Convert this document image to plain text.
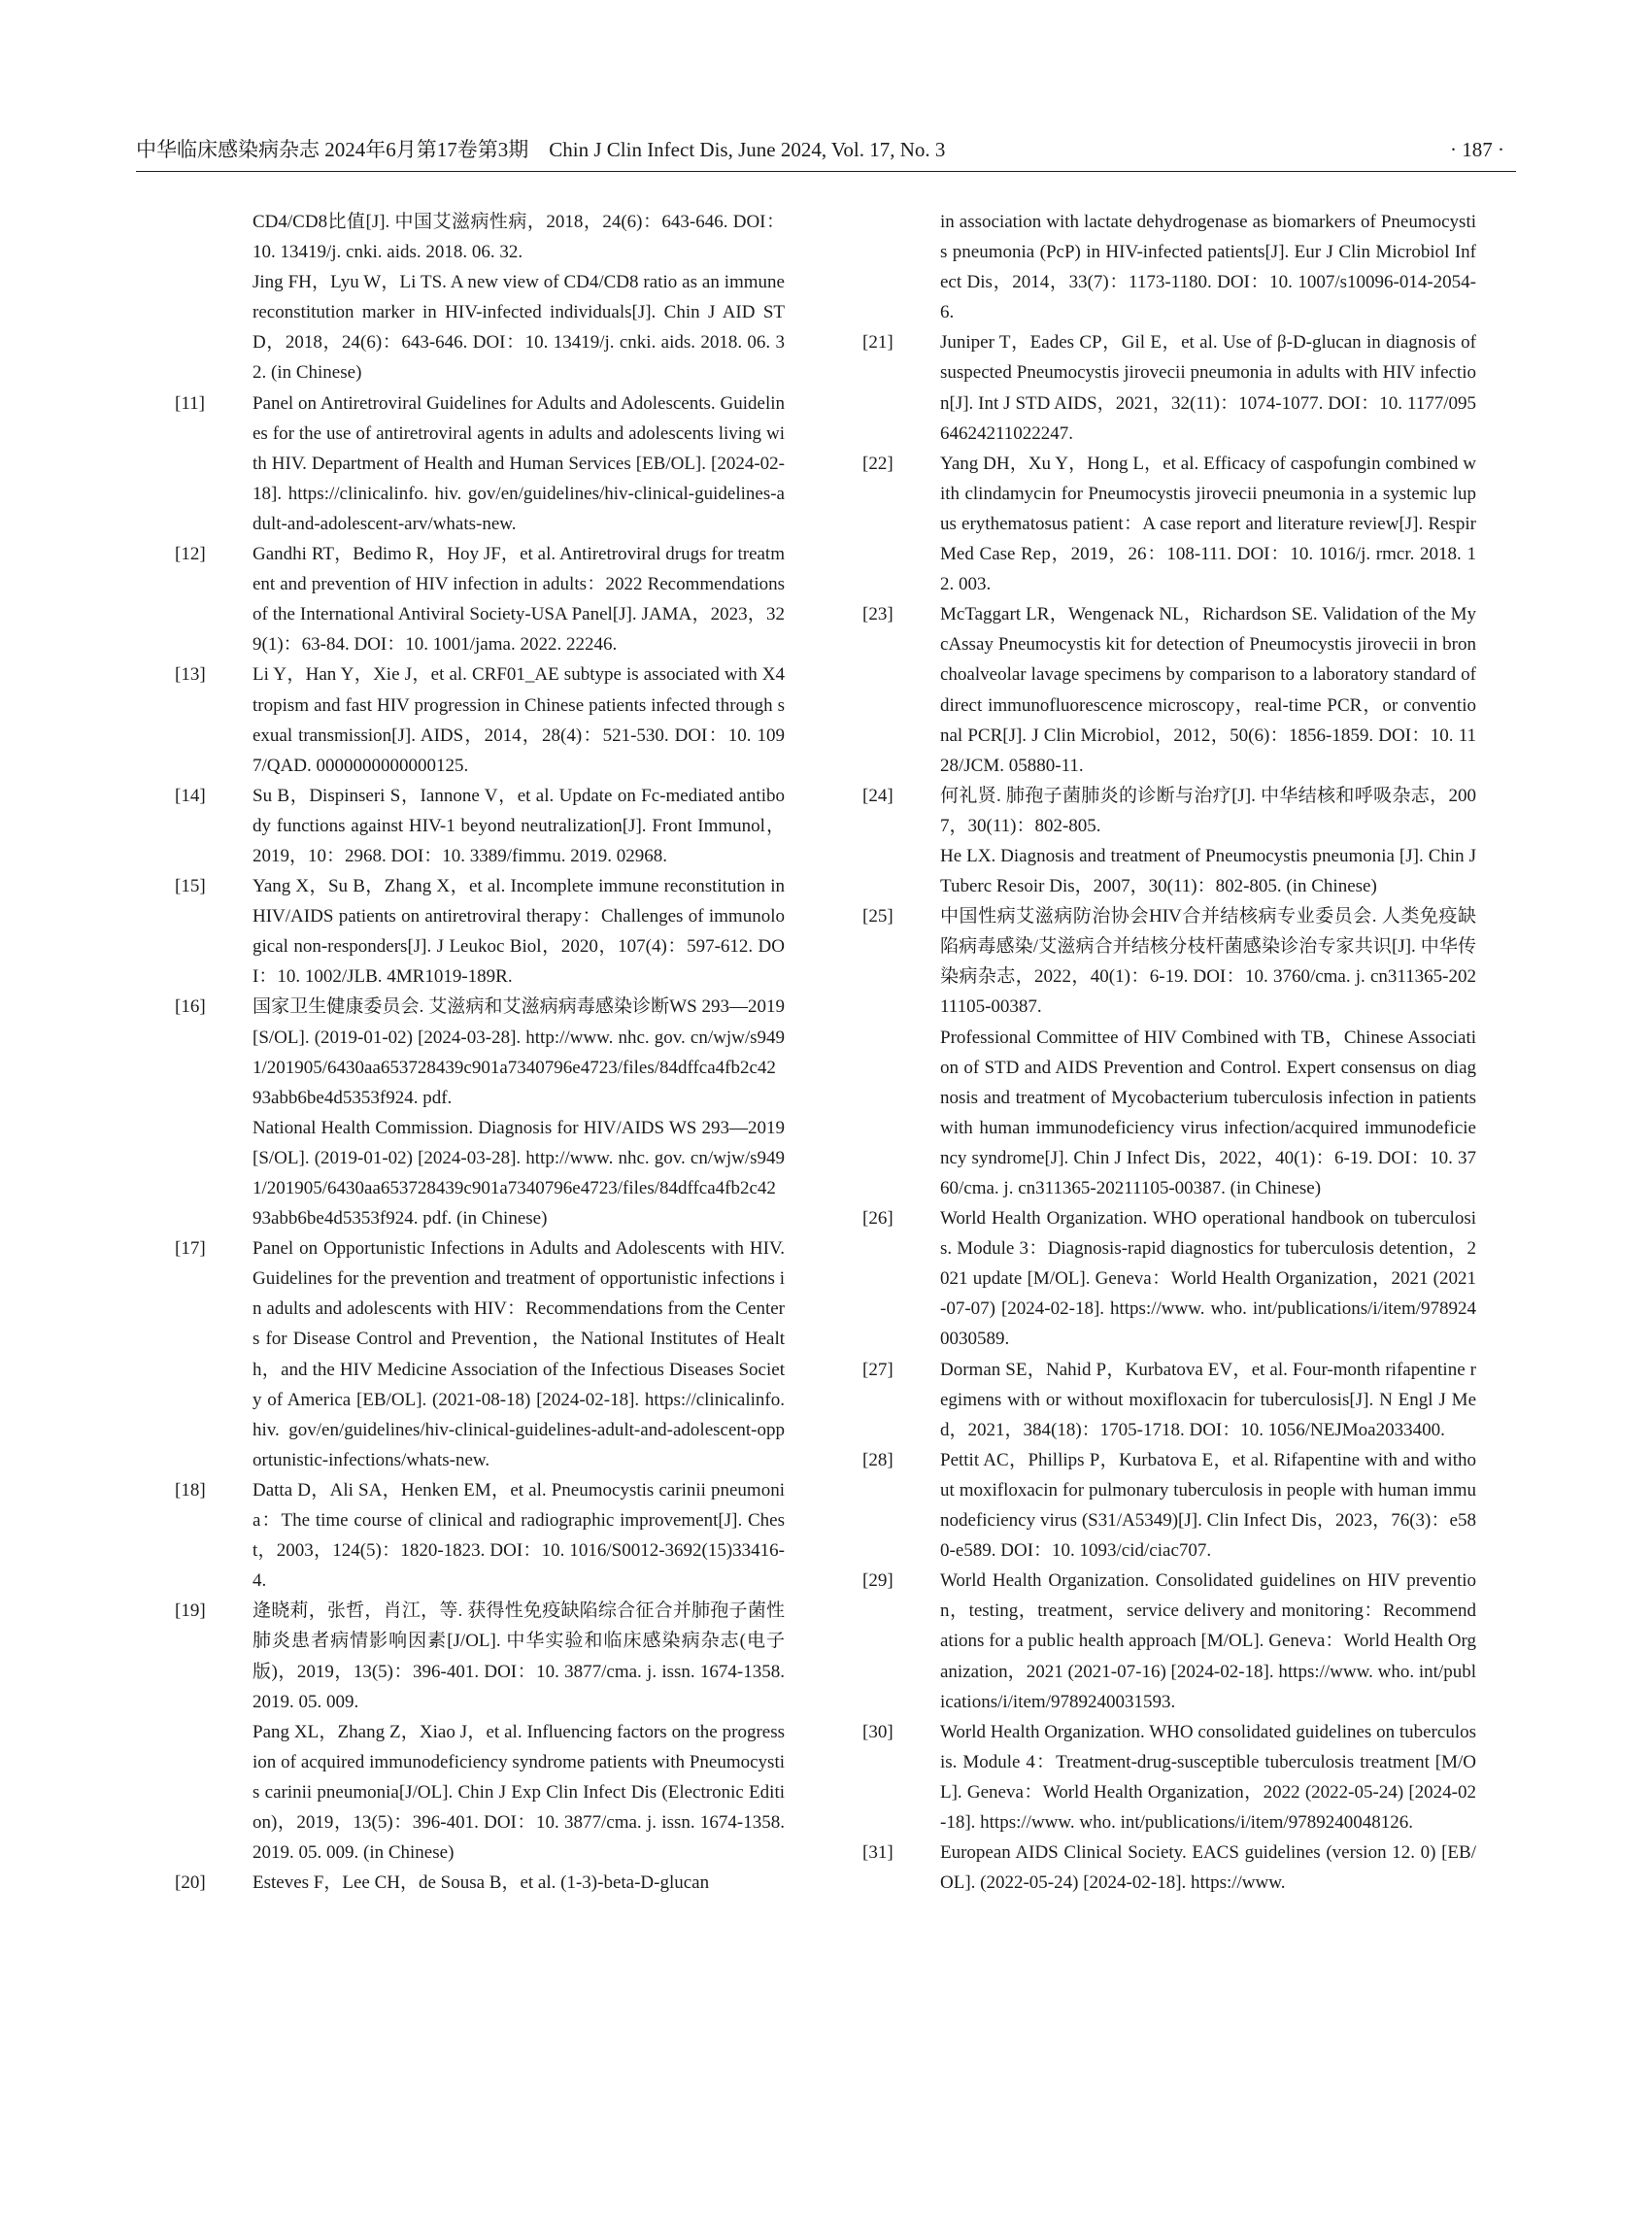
中华临床感染病杂志 2024年6月第17卷第3期　Chin J Clin Infect Dis, June 2024, Vol. 17, No. 3	· 187 ·
CD4/CD8比值[J]. 中国艾滋病性病，2018，24(6)：643-646. DOI：10. 13419/j. cnki. aids. 2018. 06. 32.
Jing FH，Lyu W，Li TS. A new view of CD4/CD8 ratio as an immune reconstitution marker in HIV-infected individuals[J]. Chin J AID STD，2018，24(6)：643-646. DOI：10. 13419/j. cnki. aids. 2018. 06. 32. (in Chinese)
[11]	Panel on Antiretroviral Guidelines for Adults and Adolescents. Guidelines for the use of antiretroviral agents in adults and adolescents living with HIV. Department of Health and Human Services [EB/OL]. [2024-02-18]. https://clinicalinfo. hiv. gov/en/guidelines/hiv-clinical-guidelines-adult-and-adolescent-arv/whats-new.
[12]	Gandhi RT，Bedimo R，Hoy JF，et al. Antiretroviral drugs for treatment and prevention of HIV infection in adults：2022 Recommendations of the International Antiviral Society-USA Panel[J]. JAMA，2023，329(1)：63-84. DOI：10. 1001/jama. 2022. 22246.
[13]	Li Y，Han Y，Xie J，et al. CRF01_AE subtype is associated with X4 tropism and fast HIV progression in Chinese patients infected through sexual transmission[J]. AIDS，2014，28(4)：521-530. DOI：10. 1097/QAD. 0000000000000125.
[14]	Su B，Dispinseri S，Iannone V，et al. Update on Fc-mediated antibody functions against HIV-1 beyond neutralization[J]. Front Immunol，2019，10：2968. DOI：10. 3389/fimmu. 2019. 02968.
[15]	Yang X，Su B，Zhang X，et al. Incomplete immune reconstitution in HIV/AIDS patients on antiretroviral therapy：Challenges of immunological non-responders[J]. J Leukoc Biol，2020，107(4)：597-612. DOI：10. 1002/JLB. 4MR1019-189R.
[16]	国家卫生健康委员会. 艾滋病和艾滋病病毒感染诊断WS 293—2019 [S/OL]. (2019-01-02) [2024-03-28]. http://www. nhc. gov. cn/wjw/s9491/201905/6430aa653728439c901a7340796e4723/files/84dffca4fb2c4293abb6be4d5353f924. pdf.
National Health Commission. Diagnosis for HIV/AIDS WS 293—2019 [S/OL]. (2019-01-02) [2024-03-28]. http://www. nhc. gov. cn/wjw/s9491/201905/6430aa653728439c901a7340796e4723/files/84dffca4fb2c4293abb6be4d5353f924. pdf. (in Chinese)
[17]	Panel on Opportunistic Infections in Adults and Adolescents with HIV. Guidelines for the prevention and treatment of opportunistic infections in adults and adolescents with HIV：Recommendations from the Centers for Disease Control and Prevention，the National Institutes of Health，and the HIV Medicine Association of the Infectious Diseases Society of America [EB/OL]. (2021-08-18) [2024-02-18]. https://clinicalinfo. hiv. gov/en/guidelines/hiv-clinical-guidelines-adult-and-adolescent-opportunistic-infections/whats-new.
[18]	Datta D，Ali SA，Henken EM，et al. Pneumocystis carinii pneumonia：The time course of clinical and radiographic improvement[J]. Chest，2003，124(5)：1820-1823. DOI：10. 1016/S0012-3692(15)33416-4.
[19]	逄晓莉，张哲，肖江，等. 获得性免疫缺陷综合征合并肺孢子菌性肺炎患者病情影响因素[J/OL]. 中华实验和临床感染病杂志(电子版)，2019，13(5)：396-401. DOI：10. 3877/cma. j. issn. 1674-1358. 2019. 05. 009.
Pang XL，Zhang Z，Xiao J，et al. Influencing factors on the progression of acquired immunodeficiency syndrome patients with Pneumocystis carinii pneumonia[J/OL]. Chin J Exp Clin Infect Dis (Electronic Edition)，2019，13(5)：396-401. DOI：10. 3877/cma. j. issn. 1674-1358. 2019. 05. 009. (in Chinese)
[20]	Esteves F，Lee CH，de Sousa B，et al. (1-3)-beta-D-glucan
in association with lactate dehydrogenase as biomarkers of Pneumocystis pneumonia (PcP) in HIV-infected patients[J]. Eur J Clin Microbiol Infect Dis，2014，33(7)：1173-1180. DOI：10. 1007/s10096-014-2054-6.
[21]	Juniper T，Eades CP，Gil E，et al. Use of β-D-glucan in diagnosis of suspected Pneumocystis jirovecii pneumonia in adults with HIV infection[J]. Int J STD AIDS，2021，32(11)：1074-1077. DOI：10. 1177/09564624211022247.
[22]	Yang DH，Xu Y，Hong L，et al. Efficacy of caspofungin combined with clindamycin for Pneumocystis jirovecii pneumonia in a systemic lupus erythematosus patient：A case report and literature review[J]. Respir Med Case Rep，2019，26：108-111. DOI：10. 1016/j. rmcr. 2018. 12. 003.
[23]	McTaggart LR，Wengenack NL，Richardson SE. Validation of the MycAssay Pneumocystis kit for detection of Pneumocystis jirovecii in bronchoalveolar lavage specimens by comparison to a laboratory standard of direct immunofluorescence microscopy，real-time PCR，or conventional PCR[J]. J Clin Microbiol，2012，50(6)：1856-1859. DOI：10. 1128/JCM. 05880-11.
[24]	何礼贤. 肺孢子菌肺炎的诊断与治疗[J]. 中华结核和呼吸杂志，2007，30(11)：802-805.
He LX. Diagnosis and treatment of Pneumocystis pneumonia [J]. Chin J Tuberc Resoir Dis，2007，30(11)：802-805. (in Chinese)
[25]	中国性病艾滋病防治协会HIV合并结核病专业委员会. 人类免疫缺陷病毒感染/艾滋病合并结核分枝杆菌感染诊治专家共识[J]. 中华传染病杂志，2022，40(1)：6-19. DOI：10. 3760/cma. j. cn311365-20211105-00387.
Professional Committee of HIV Combined with TB，Chinese Association of STD and AIDS Prevention and Control. Expert consensus on diagnosis and treatment of Mycobacterium tuberculosis infection in patients with human immunodeficiency virus infection/acquired immunodeficiency syndrome[J]. Chin J Infect Dis，2022，40(1)：6-19. DOI：10. 3760/cma. j. cn311365-20211105-00387. (in Chinese)
[26]	World Health Organization. WHO operational handbook on tuberculosis. Module 3：Diagnosis-rapid diagnostics for tuberculosis detention，2021 update [M/OL]. Geneva：World Health Organization，2021 (2021-07-07) [2024-02-18]. https://www. who. int/publications/i/item/9789240030589.
[27]	Dorman SE，Nahid P，Kurbatova EV，et al. Four-month rifapentine regimens with or without moxifloxacin for tuberculosis[J]. N Engl J Med，2021，384(18)：1705-1718. DOI：10. 1056/NEJMoa2033400.
[28]	Pettit AC，Phillips P，Kurbatova E，et al. Rifapentine with and without moxifloxacin for pulmonary tuberculosis in people with human immunodeficiency virus (S31/A5349)[J]. Clin Infect Dis，2023，76(3)：e580-e589. DOI：10. 1093/cid/ciac707.
[29]	World Health Organization. Consolidated guidelines on HIV prevention，testing，treatment，service delivery and monitoring：Recommendations for a public health approach [M/OL]. Geneva：World Health Organization，2021 (2021-07-16) [2024-02-18]. https://www. who. int/publications/i/item/9789240031593.
[30]	World Health Organization. WHO consolidated guidelines on tuberculosis. Module 4：Treatment-drug-susceptible tuberculosis treatment [M/OL]. Geneva：World Health Organization，2022 (2022-05-24) [2024-02-18]. https://www. who. int/publications/i/item/9789240048126.
[31]	European AIDS Clinical Society. EACS guidelines (version 12. 0) [EB/OL]. (2022-05-24) [2024-02-18]. https://www.
